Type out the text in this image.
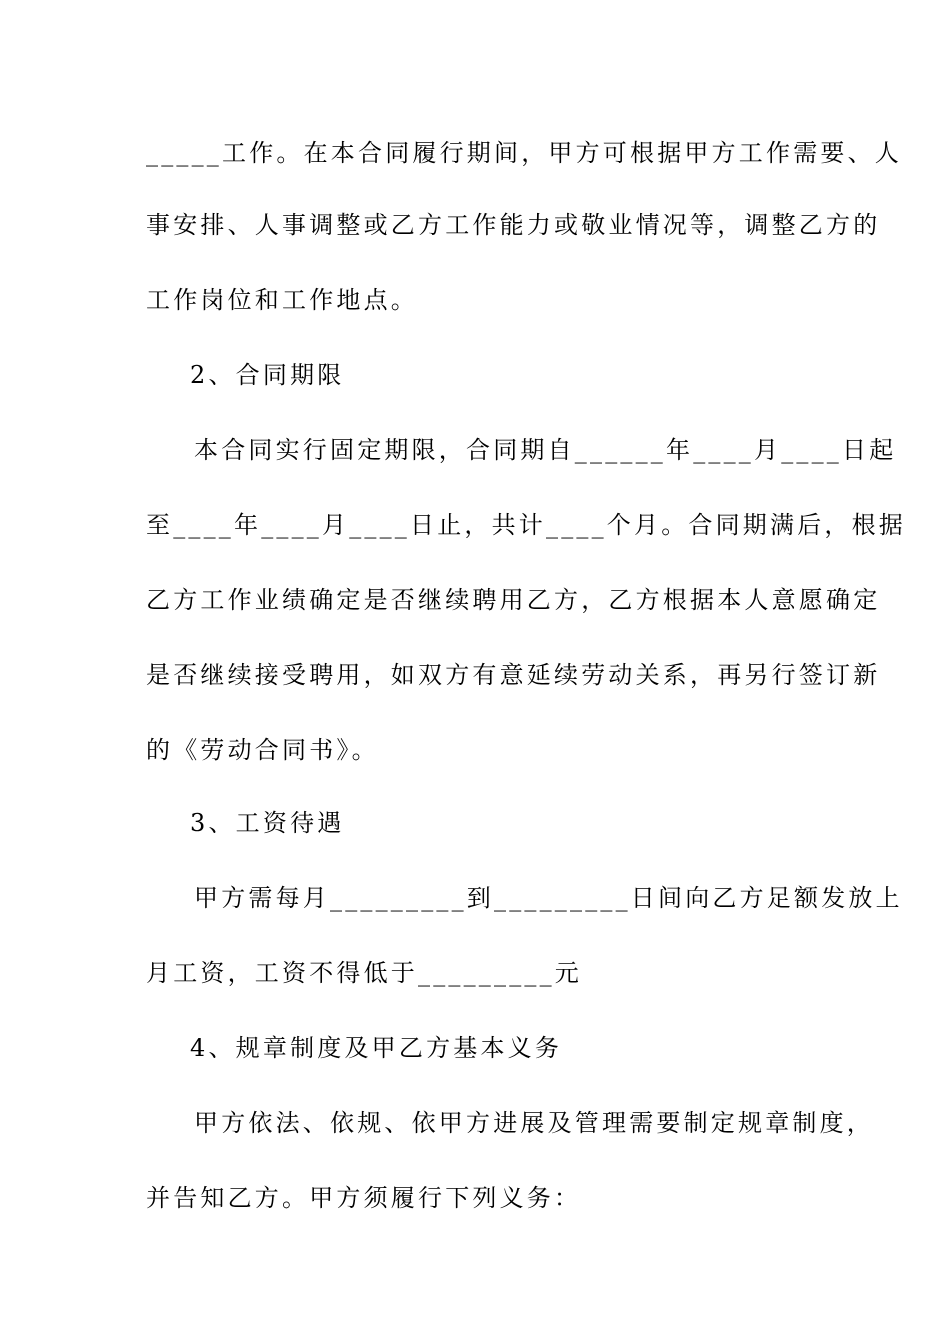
_____工作。在本合同履行期间，甲方可根据甲方工作需要、人
事安排、人事调整或乙方工作能力或敬业情况等，调整乙方的
工作岗位和工作地点。
2、合同期限
本合同实行固定期限，合同期自______年____月____日起
至____年____月____日止，共计____个月。合同期满后，根据
乙方工作业绩确定是否继续聘用乙方，乙方根据本人意愿确定
是否继续接受聘用，如双方有意延续劳动关系，再另行签订新
的《劳动合同书》。
3、工资待遇
甲方需每月_________到_________日间向乙方足额发放上
月工资，工资不得低于_________元
4、规章制度及甲乙方基本义务
甲方依法、依规、依甲方进展及管理需要制定规章制度，
并告知乙方。甲方须履行下列义务：
